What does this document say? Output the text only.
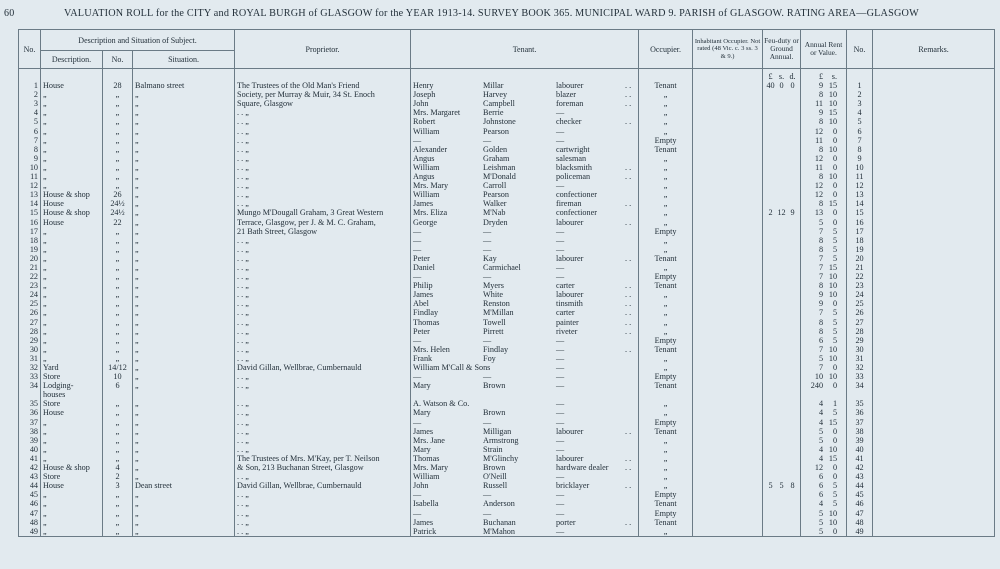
60	VALUATION ROLL for the CITY and ROYAL BURGH of GLASGOW for the YEAR 1913-14. SURVEY BOOK 365. MUNICIPAL WARD 9. PARISH of GLASGOW. RATING AREA—GLASGOW
No.	Description and Situation of Subject.			Proprietor.	Tenant.	Occupier.	Inhabitant Occupier. Not rated (48 Vic. c. 3 ss. 3 & 9.)	Feu-duty or Ground Annual.	Annual Rent or Value.	No.	Remarks.
	Description.	No.	Situation.								
								£ s. d.	£ s.		
1	House	28	Balmano street	The Trustees of the Old Man's Friend	Henry Millar labourer . .	Tenant		40 0 0	9 15	1	
2	„	„	„	Society, per Murray & Muir, 34 St. Enoch	Joseph Harvey blazer . .	„			8 10	2	
3	„	„	„	Square, Glasgow	John Campbell foreman . .	„			11 10	3	
4	„	„	„	. . „	Mrs. Margaret Berrie —	„			9 15	4	
5	„	„	„	. . „	Robert Johnstone checker . .	„			8 10	5	
6	„	„	„	. . „	William Pearson —	„			12 0	6	
7	„	„	„	. . „	— — —	Empty			11 0	7	
8	„	„	„	. . „	Alexander Golden cartwright	Tenant			8 10	8	
9	„	„	„	. . „	Angus Graham salesman	„			12 0	9	
10	„	„	„	. . „	William Leishman blacksmith . .	„			11 0	10	
11	„	„	„	. . „	Angus M'Donald policeman . .	„			8 10	11	
12	„	„	„	. . „	Mrs. Mary Carroll —	„			12 0	12	
13	House & shop	26	„	. . „	William Pearson confectioner	„			12 0	13	
14	House	24½	„	. . „	James Walker fireman . .	„			8 15	14	
15	House & shop	24½	„	Mungo M'Dougall Graham, 3 Great Western	Mrs. Eliza M'Nab confectioner	„		2 12 9	13 0	15	
16	House	22	„	Terrace, Glasgow, per J. & M. C. Graham,	George Dryden labourer . .	„			5 0	16	
17	„	„	„	21 Bath Street, Glasgow	— — —	Empty			7 5	17	
18	„	„	„	. . „	— — —	„			8 5	18	
19	„	„	„	. . „	— — —	„			8 5	19	
20	„	„	„	. . „	Peter Kay labourer . .	Tenant			7 5	20	
21	„	„	„	. . „	Daniel Carmichael —	„			7 15	21	
22	„	„	„	. . „	— — —	Empty			7 10	22	
23	„	„	„	. . „	Philip Myers carter . .	Tenant			8 10	23	
24	„	„	„	. . „	James White labourer . .	„			9 10	24	
25	„	„	„	. . „	Abel Renston tinsmith . .	„			9 0	25	
26	„	„	„	. . „	Findlay M'Millan carter . .	„			7 5	26	
27	„	„	„	. . „	Thomas Towell painter . .	„			8 5	27	
28	„	„	„	. . „	Peter Pirrett riveter . .	„			8 5	28	
29	„	„	„	. . „	— — —	Empty			6 5	29	
30	„	„	„	. . „	Mrs. Helen Findlay — . .	Tenant			7 10	30	
31	„	„	„	. . „	Frank Foy —	„			5 10	31	
32	Yard	14/12	„	David Gillan, Wellbrae, Cumbernauld	William M'Call & Sons —	„			7 0	32	
33	Store	10	„	. . „	— — —	Empty			10 10	33	
34	Lodging-	6	„	. . „	Mary Brown —	Tenant			240 0	34	
	houses				

35	Store	„	„	. . „	A. Watson & Co. —	„			4 1	35	
36	House	„	„	. . „	Mary Brown —	„			4 5	36	
37	„	„	„	. . „	— — —	Empty			4 15	37	
38	„	„	„	. . „	James Milligan labourer . .	Tenant			5 0	38	
39	„	„	„	. . „	Mrs. Jane Armstrong —	„			5 0	39	
40	„	„	„	. . „	Mary Strain —	„			4 10	40	
41	„	„	„	The Trustees of Mrs. M'Kay, per T. Neilson	Thomas M'Glinchy labourer . .	„			4 15	41	
42	House & shop	4	„	& Son, 213 Buchanan Street, Glasgow	Mrs. Mary Brown hardware dealer . .	„			12 0	42	
43	Store	2	„	. . „	William O'Neill —	„			6 0	43	
44	House	3	Dean street	David Gillan, Wellbrae, Cumbernauld	John Russell bricklayer . .	„		5 5 8	6 5	44	
45	„	„	„	. . „	— — —	Empty			6 5	45	
46	„	„	„	. . „	Isabella Anderson —	Tenant			4 5	46	
47	„	„	„	. . „	— — —	Empty			5 10	47	
48	„	„	„	. . „	James Buchanan porter . .	Tenant			5 10	48	
49	„	„	„	. . „	Patrick M'Mahon —	„			5 0	49	
